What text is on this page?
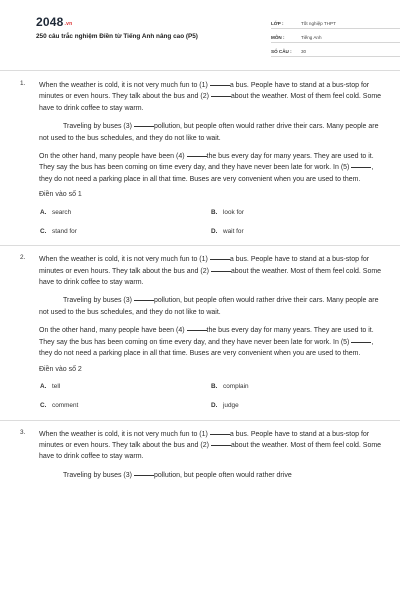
$2048^{.vn}$
250 câu trắc nghiệm Điền từ Tiếng Anh nâng cao (P5)
LỚP :	Tốt nghiệp THPT
MÔN :	Tiếng Anh
SỐ CÂU :	30
1. When the weather is cold, it is not very much fun to (1)	a bus. People have to stand at a bus-stop for minutes or even hours. They talk about the bus and (2)	about the weather. Most of them feel cold. Some have to drink coffee to stay warm.

Traveling by buses (3)	pollution, but people often would rather drive their cars. Many people are not used to the bus schedules, and they do not like to wait.

On the other hand, many people have been (4)	the bus every day for many years. They are used to it. They say the bus has been coming on time every day, and they have never been late for work. In (5)	, they do not need a parking place in all that time. Buses are very convenient when you are used to them.

Điền vào số 1
A. search	B. look for
C. stand for	D. wait for
2. When the weather is cold, it is not very much fun to (1)	a bus. People have to stand at a bus-stop for minutes or even hours. They talk about the bus and (2)	about the weather. Most of them feel cold. Some have to drink coffee to stay warm.

Traveling by buses (3)	pollution, but people often would rather drive their cars. Many people are not used to the bus schedules, and they do not like to wait.

On the other hand, many people have been (4)	the bus every day for many years. They are used to it. They say the bus has been coming on time every day, and they have never been late for work. In (5)	, they do not need a parking place in all that time. Buses are very convenient when you are used to them.

Điền vào số 2
A. tell	B. complain
C. comment	D. judge
3. When the weather is cold, it is not very much fun to (1)	a bus. People have to stand at a bus-stop for minutes or even hours. They talk about the bus and (2)	about the weather. Most of them feel cold. Some have to drink coffee to stay warm.

Traveling by buses (3)	pollution, but people often would rather drive
